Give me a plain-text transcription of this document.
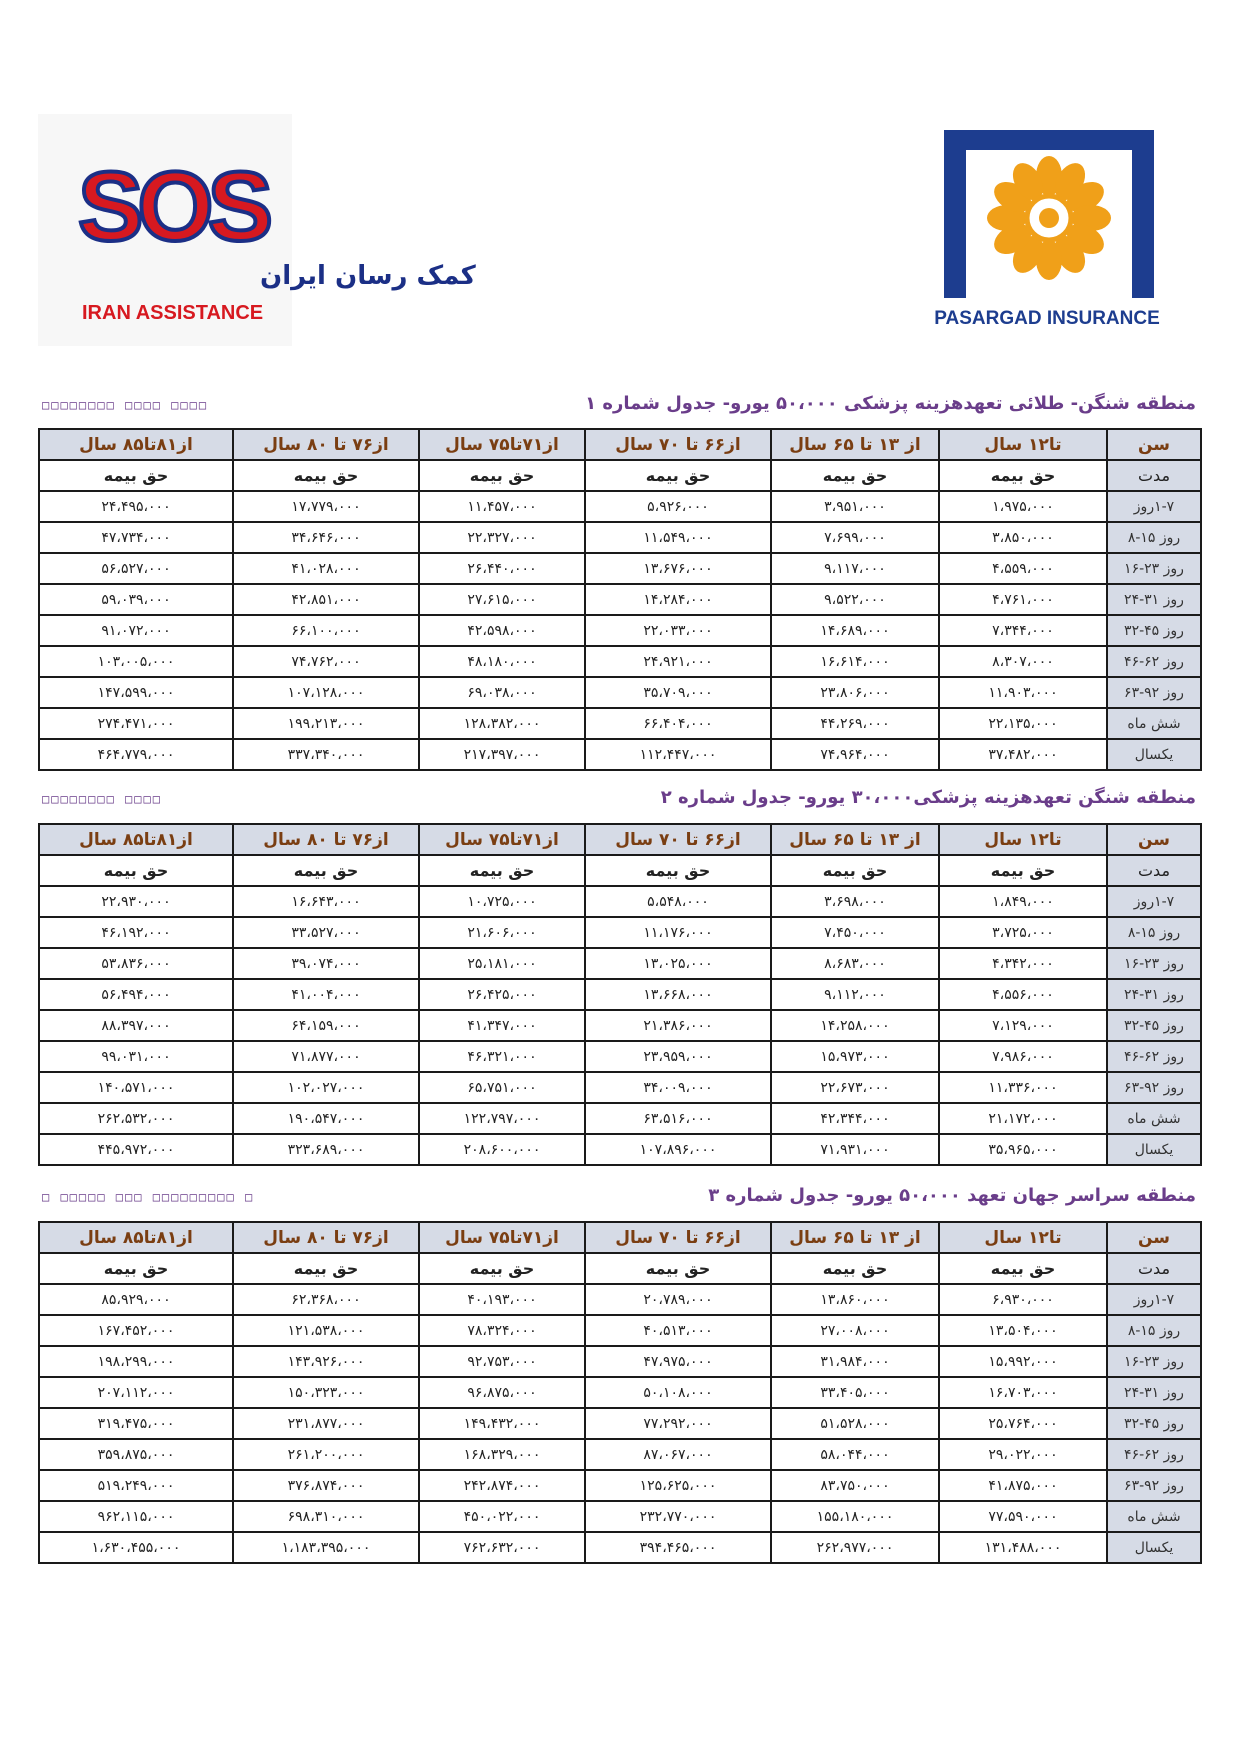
SOS
کمک رسان ایران
IRAN ASSISTANCE	PASARGAD INSURANCE
منطقه شنگن- طلائی تعهدهزینه پزشکی ۵۰،۰۰۰ یورو- جدول شماره ۱
□□□□□□□□ □□□□ □□□□
سن	تا۱۲ سال	از ۱۳ تا ۶۵ سال	از۶۶ تا ۷۰ سال	از۷۱تا۷۵ سال	از۷۶ تا ۸۰ سال	از۸۱تا۸۵ سال
مدت	حق بیمه	حق بیمه	حق بیمه	حق بیمه	حق بیمه	حق بیمه
۱-۷روز	۱،۹۷۵،۰۰۰	۳،۹۵۱،۰۰۰	۵،۹۲۶،۰۰۰	۱۱،۴۵۷،۰۰۰	۱۷،۷۷۹،۰۰۰	۲۴،۴۹۵،۰۰۰
روز ۱۵-۸	۳،۸۵۰،۰۰۰	۷،۶۹۹،۰۰۰	۱۱،۵۴۹،۰۰۰	۲۲،۳۲۷،۰۰۰	۳۴،۶۴۶،۰۰۰	۴۷،۷۳۴،۰۰۰
روز ۲۳-۱۶	۴،۵۵۹،۰۰۰	۹،۱۱۷،۰۰۰	۱۳،۶۷۶،۰۰۰	۲۶،۴۴۰،۰۰۰	۴۱،۰۲۸،۰۰۰	۵۶،۵۲۷،۰۰۰
روز ۳۱-۲۴	۴،۷۶۱،۰۰۰	۹،۵۲۲،۰۰۰	۱۴،۲۸۴،۰۰۰	۲۷،۶۱۵،۰۰۰	۴۲،۸۵۱،۰۰۰	۵۹،۰۳۹،۰۰۰
روز ۴۵-۳۲	۷،۳۴۴،۰۰۰	۱۴،۶۸۹،۰۰۰	۲۲،۰۳۳،۰۰۰	۴۲،۵۹۸،۰۰۰	۶۶،۱۰۰،۰۰۰	۹۱،۰۷۲،۰۰۰
روز ۶۲-۴۶	۸،۳۰۷،۰۰۰	۱۶،۶۱۴،۰۰۰	۲۴،۹۲۱،۰۰۰	۴۸،۱۸۰،۰۰۰	۷۴،۷۶۲،۰۰۰	۱۰۳،۰۰۵،۰۰۰
روز ۹۲-۶۳	۱۱،۹۰۳،۰۰۰	۲۳،۸۰۶،۰۰۰	۳۵،۷۰۹،۰۰۰	۶۹،۰۳۸،۰۰۰	۱۰۷،۱۲۸،۰۰۰	۱۴۷،۵۹۹،۰۰۰
شش ماه	۲۲،۱۳۵،۰۰۰	۴۴،۲۶۹،۰۰۰	۶۶،۴۰۴،۰۰۰	۱۲۸،۳۸۲،۰۰۰	۱۹۹،۲۱۳،۰۰۰	۲۷۴،۴۷۱،۰۰۰
یکسال	۳۷،۴۸۲،۰۰۰	۷۴،۹۶۴،۰۰۰	۱۱۲،۴۴۷،۰۰۰	۲۱۷،۳۹۷،۰۰۰	۳۳۷،۳۴۰،۰۰۰	۴۶۴،۷۷۹،۰۰۰
منطقه شنگن تعهدهزینه پزشکی۳۰،۰۰۰ یورو- جدول شماره ۲
□□□□□□□□ □□□□
سن	تا۱۲ سال	از ۱۳ تا ۶۵ سال	از۶۶ تا ۷۰ سال	از۷۱تا۷۵ سال	از۷۶ تا ۸۰ سال	از۸۱تا۸۵ سال
مدت	حق بیمه	حق بیمه	حق بیمه	حق بیمه	حق بیمه	حق بیمه
۱-۷روز	۱،۸۴۹،۰۰۰	۳،۶۹۸،۰۰۰	۵،۵۴۸،۰۰۰	۱۰،۷۲۵،۰۰۰	۱۶،۶۴۳،۰۰۰	۲۲،۹۳۰،۰۰۰
روز ۱۵-۸	۳،۷۲۵،۰۰۰	۷،۴۵۰،۰۰۰	۱۱،۱۷۶،۰۰۰	۲۱،۶۰۶،۰۰۰	۳۳،۵۲۷،۰۰۰	۴۶،۱۹۲،۰۰۰
روز ۲۳-۱۶	۴،۳۴۲،۰۰۰	۸،۶۸۳،۰۰۰	۱۳،۰۲۵،۰۰۰	۲۵،۱۸۱،۰۰۰	۳۹،۰۷۴،۰۰۰	۵۳،۸۳۶،۰۰۰
روز ۳۱-۲۴	۴،۵۵۶،۰۰۰	۹،۱۱۲،۰۰۰	۱۳،۶۶۸،۰۰۰	۲۶،۴۲۵،۰۰۰	۴۱،۰۰۴،۰۰۰	۵۶،۴۹۴،۰۰۰
روز ۴۵-۳۲	۷،۱۲۹،۰۰۰	۱۴،۲۵۸،۰۰۰	۲۱،۳۸۶،۰۰۰	۴۱،۳۴۷،۰۰۰	۶۴،۱۵۹،۰۰۰	۸۸،۳۹۷،۰۰۰
روز ۶۲-۴۶	۷،۹۸۶،۰۰۰	۱۵،۹۷۳،۰۰۰	۲۳،۹۵۹،۰۰۰	۴۶،۳۲۱،۰۰۰	۷۱،۸۷۷،۰۰۰	۹۹،۰۳۱،۰۰۰
روز ۹۲-۶۳	۱۱،۳۳۶،۰۰۰	۲۲،۶۷۳،۰۰۰	۳۴،۰۰۹،۰۰۰	۶۵،۷۵۱،۰۰۰	۱۰۲،۰۲۷،۰۰۰	۱۴۰،۵۷۱،۰۰۰
شش ماه	۲۱،۱۷۲،۰۰۰	۴۲،۳۴۴،۰۰۰	۶۳،۵۱۶،۰۰۰	۱۲۲،۷۹۷،۰۰۰	۱۹۰،۵۴۷،۰۰۰	۲۶۲،۵۳۲،۰۰۰
یکسال	۳۵،۹۶۵،۰۰۰	۷۱،۹۳۱،۰۰۰	۱۰۷،۸۹۶،۰۰۰	۲۰۸،۶۰۰،۰۰۰	۳۲۳،۶۸۹،۰۰۰	۴۴۵،۹۷۲،۰۰۰
منطقه سراسر جهان تعهد ۵۰،۰۰۰ یورو- جدول شماره ۳
□ □□□□□ □□□ □□□□□□□□□ □
سن	تا۱۲ سال	از ۱۳ تا ۶۵ سال	از۶۶ تا ۷۰ سال	از۷۱تا۷۵ سال	از۷۶ تا ۸۰ سال	از۸۱تا۸۵ سال
مدت	حق بیمه	حق بیمه	حق بیمه	حق بیمه	حق بیمه	حق بیمه
۱-۷روز	۶،۹۳۰،۰۰۰	۱۳،۸۶۰،۰۰۰	۲۰،۷۸۹،۰۰۰	۴۰،۱۹۳،۰۰۰	۶۲،۳۶۸،۰۰۰	۸۵،۹۲۹،۰۰۰
روز ۱۵-۸	۱۳،۵۰۴،۰۰۰	۲۷،۰۰۸،۰۰۰	۴۰،۵۱۳،۰۰۰	۷۸،۳۲۴،۰۰۰	۱۲۱،۵۳۸،۰۰۰	۱۶۷،۴۵۲،۰۰۰
روز ۲۳-۱۶	۱۵،۹۹۲،۰۰۰	۳۱،۹۸۴،۰۰۰	۴۷،۹۷۵،۰۰۰	۹۲،۷۵۳،۰۰۰	۱۴۳،۹۲۶،۰۰۰	۱۹۸،۲۹۹،۰۰۰
روز ۳۱-۲۴	۱۶،۷۰۳،۰۰۰	۳۳،۴۰۵،۰۰۰	۵۰،۱۰۸،۰۰۰	۹۶،۸۷۵،۰۰۰	۱۵۰،۳۲۳،۰۰۰	۲۰۷،۱۱۲،۰۰۰
روز ۴۵-۳۲	۲۵،۷۶۴،۰۰۰	۵۱،۵۲۸،۰۰۰	۷۷،۲۹۲،۰۰۰	۱۴۹،۴۳۲،۰۰۰	۲۳۱،۸۷۷،۰۰۰	۳۱۹،۴۷۵،۰۰۰
روز ۶۲-۴۶	۲۹،۰۲۲،۰۰۰	۵۸،۰۴۴،۰۰۰	۸۷،۰۶۷،۰۰۰	۱۶۸،۳۲۹،۰۰۰	۲۶۱،۲۰۰،۰۰۰	۳۵۹،۸۷۵،۰۰۰
روز ۹۲-۶۳	۴۱،۸۷۵،۰۰۰	۸۳،۷۵۰،۰۰۰	۱۲۵،۶۲۵،۰۰۰	۲۴۲،۸۷۴،۰۰۰	۳۷۶،۸۷۴،۰۰۰	۵۱۹،۲۴۹،۰۰۰
شش ماه	۷۷،۵۹۰،۰۰۰	۱۵۵،۱۸۰،۰۰۰	۲۳۲،۷۷۰،۰۰۰	۴۵۰،۰۲۲،۰۰۰	۶۹۸،۳۱۰،۰۰۰	۹۶۲،۱۱۵،۰۰۰
یکسال	۱۳۱،۴۸۸،۰۰۰	۲۶۲،۹۷۷،۰۰۰	۳۹۴،۴۶۵،۰۰۰	۷۶۲،۶۳۲،۰۰۰	۱،۱۸۳،۳۹۵،۰۰۰	۱،۶۳۰،۴۵۵،۰۰۰
